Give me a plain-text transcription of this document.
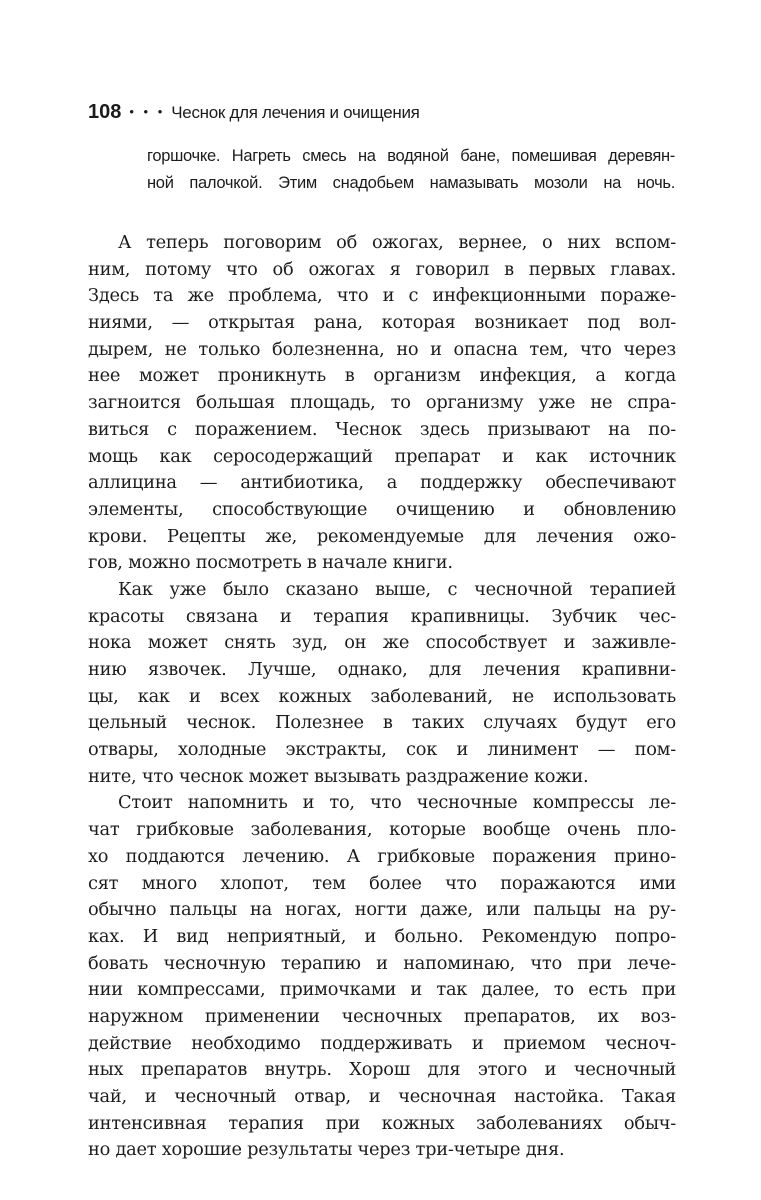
108 • • • Чеснок для лечения и очищения
горшочке. Нагреть смесь на водяной бане, помешивая деревян-
ной палочкой. Этим снадобьем намазывать мозоли на ночь.
А теперь поговорим об ожогах, вернее, о них вспом-
ним, потому что об ожогах я говорил в первых главах.
Здесь та же проблема, что и с инфекционными пораже-
ниями, — открытая рана, которая возникает под вол-
дырем, не только болезненна, но и опасна тем, что через
нее может проникнуть в организм инфекция, а когда
загноится большая площадь, то организму уже не спра-
виться с поражением. Чеснок здесь призывают на по-
мощь как серосодержащий препарат и как источник
аллицина — антибиотика, а поддержку обеспечивают
элементы, способствующие очищению и обновлению
крови. Рецепты же, рекомендуемые для лечения ожо-
гов, можно посмотреть в начале книги.
Как уже было сказано выше, с чесночной терапией
красоты связана и терапия крапивницы. Зубчик чес-
нока может снять зуд, он же способствует и заживле-
нию язвочек. Лучше, однако, для лечения крапивни-
цы, как и всех кожных заболеваний, не использовать
цельный чеснок. Полезнее в таких случаях будут его
отвары, холодные экстракты, сок и линимент — пом-
ните, что чеснок может вызывать раздражение кожи.
Стоит напомнить и то, что чесночные компрессы ле-
чат грибковые заболевания, которые вообще очень пло-
хо поддаются лечению. А грибковые поражения прино-
сят много хлопот, тем более что поражаются ими
обычно пальцы на ногах, ногти даже, или пальцы на ру-
ках. И вид неприятный, и больно. Рекомендую попро-
бовать чесночную терапию и напоминаю, что при лече-
нии компрессами, примочками и так далее, то есть при
наружном применении чесночных препаратов, их воз-
действие необходимо поддерживать и приемом чесноч-
ных препаратов внутрь. Хорош для этого и чесночный
чай, и чесночный отвар, и чесночная настойка. Такая
интенсивная терапия при кожных заболеваниях обыч-
но дает хорошие результаты через три-четыре дня.
